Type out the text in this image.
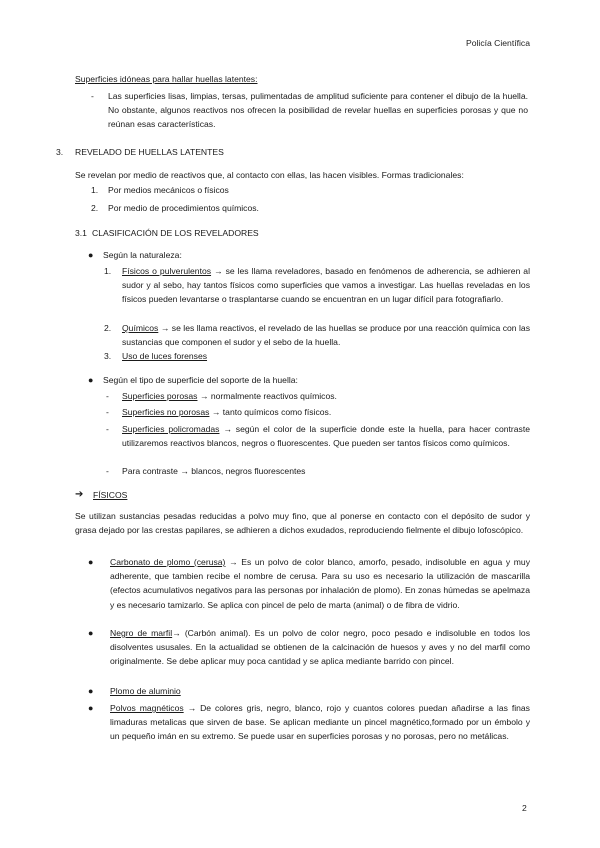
Policía Científica
Superficies idóneas para hallar huellas latentes:
- Las superficies lisas, limpias, tersas, pulimentadas de amplitud suficiente para contener el dibujo de la huella. No obstante, algunos reactivos nos ofrecen la posibilidad de revelar huellas en superficies porosas y que no reúnan esas características.

3. REVELADO DE HUELLAS LATENTES

Se revelan por medio de reactivos que, al contacto con ellas, las hacen visibles. Formas tradicionales:

1. Por medios mecánicos o físicos
2. Por medio de procedimientos químicos.
3.1 CLASIFICACIÓN DE LOS REVELADORES
● Según la naturaleza:
1. Físicos o pulverulentos → se les llama reveladores, basado en fenómenos de adherencia, se adhieren al sudor y al sebo, hay tantos físicos como superficies que vamos a investigar. Las huellas reveladas en los físicos pueden levantarse o trasplantarse cuando se encuentran en un lugar difícil para fotografiarlo.

2. Químicos → se les llama reactivos, el revelado de las huellas se produce por una reacción química con las sustancias que componen el sudor y el sebo de la huella.

3. Uso de luces forenses
● Según el tipo de superficie del soporte de la huella:
- Superficies porosas → normalmente reactivos químicos.

- Superficies no porosas → tanto químicos como físicos.

- Superficies policromadas → según el color de la superficie donde este la huella, para hacer contraste utilizaremos reactivos blancos, negros o fluorescentes. Que pueden ser tantos físicos como químicos.

- Para contraste → blancos, negros fluorescentes
➔ FÍSICOS

Se utilizan sustancias pesadas reducidas a polvo muy fino, que al ponerse en contacto con el depósito de sudor y grasa dejado por las crestas papilares, se adhieren a dichos exudados, reproduciendo fielmente el dibujo lofoscópico.

● Carbonato de plomo (cerusa) → Es un polvo de color blanco, amorfo, pesado, indisoluble en agua y muy adherente, que tambien recibe el nombre de cerusa. Para su uso es necesario la utilización de mascarilla (efectos acumulativos negativos para las personas por inhalación de plomo). En zonas húmedas se apelmaza y es necesario tamizarlo. Se aplica con pincel de pelo de marta (animal) o de fibra de vidrio.

● Negro de marfil→ (Carbón animal). Es un polvo de color negro, poco pesado e indisoluble en todos los disolventes ususales. En la actualidad se obtienen de la calcinación de huesos y aves y no del marfil como originalmente. Se debe aplicar muy poca cantidad y se aplica mediante barrido con pincel.

● Plomo de aluminio
● Polvos magnéticos → De colores gris, negro, blanco, rojo y cuantos colores puedan añadirse a las finas limaduras metalicas que sirven de base. Se aplican mediante un pincel magnético,formado por un émbolo y un pequeño imán en su extremo. Se puede usar en superficies porosas y no porosas, pero no metálicas.

2
